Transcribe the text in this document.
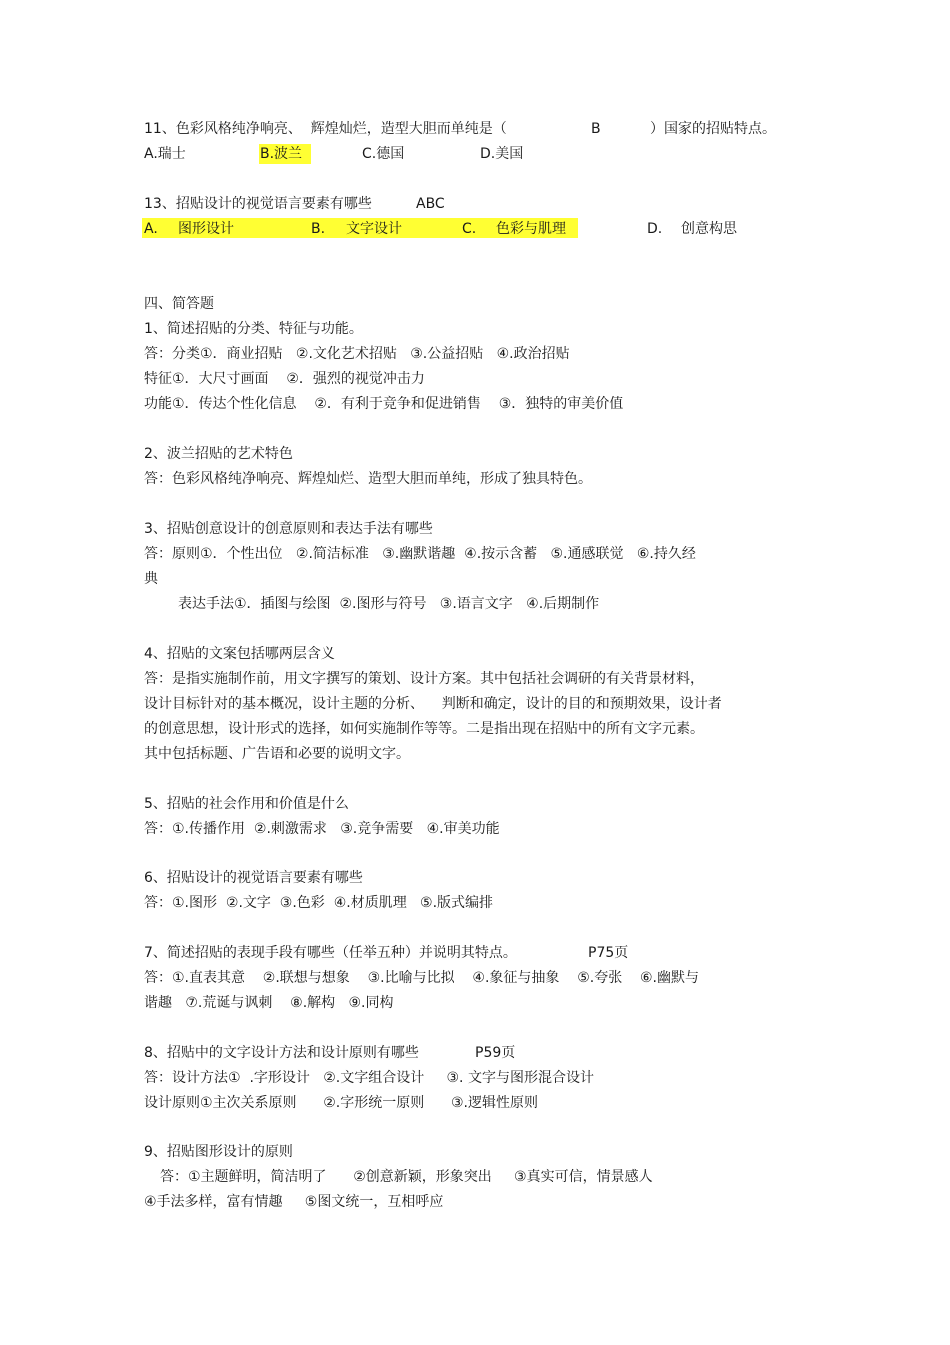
11、色彩风格纯净响亮、  辉煌灿烂，造型大胆而单纯是（	B	）国家的招贴特点。
A.瑞士	B.波兰	C.德国	D.美国
13、招贴设计的视觉语言要素有哪些	ABC
A. 图形设计	B. 文字设计	C. 色彩与肌理	D. 创意构思
四、简答题
1、简述招贴的分类、特征与功能。
答：分类①．商业招贴   ②.文化艺术招贴   ③.公益招贴   ④.政治招贴
特征①．大尺寸画面    ②．强烈的视觉冲击力
功能①．传达个性化信息    ②．有利于竞争和促进销售    ③．独特的审美价值
2、波兰招贴的艺术特色
答：色彩风格纯净响亮、辉煌灿烂、造型大胆而单纯，形成了独具特色。
3、招贴创意设计的创意原则和表达手法有哪些
答：原则①．个性出位   ②.简洁标准   ③.幽默谐趣  ④.按示含蓄   ⑤.通感联觉   ⑥.持久经
典
表达手法①．插图与绘图  ②.图形与符号   ③.语言文字   ④.后期制作
4、招贴的文案包括哪两层含义
答：是指实施制作前，用文字撰写的策划、设计方案。其中包括社会调研的有关背景材料，
设计目标针对的基本概况，设计主题的分析、    判断和确定，设计的目的和预期效果，设计者
的创意思想，设计形式的选择，如何实施制作等等。二是指出现在招贴中的所有文字元素。
其中包括标题、广告语和必要的说明文字。
5、招贴的社会作用和价值是什么
答：①.传播作用  ②.刺激需求   ③.竞争需要   ④.审美功能
6、招贴设计的视觉语言要素有哪些
答：①.图形  ②.文字  ③.色彩  ④.材质肌理   ⑤.版式编排
7、简述招贴的表现手段有哪些（任举五种）并说明其特点。	P75页
答：①.直表其意    ②.联想与想象    ③.比喻与比拟    ④.象征与抽象    ⑤.夸张    ⑥.幽默与
谐趣   ⑦.荒诞与讽刺    ⑧.解构   ⑨.同构
8、招贴中的文字设计方法和设计原则有哪些	P59页
答：设计方法①  .字形设计   ②.文字组合设计     ③. 文字与图形混合设计
设计原则①主次关系原则      ②.字形统一原则      ③.逻辑性原则
9、招贴图形设计的原则
答：①主题鲜明，简洁明了      ②创意新颖，形象突出     ③真实可信，情景感人
④手法多样，富有情趣     ⑤图文统一，互相呼应
